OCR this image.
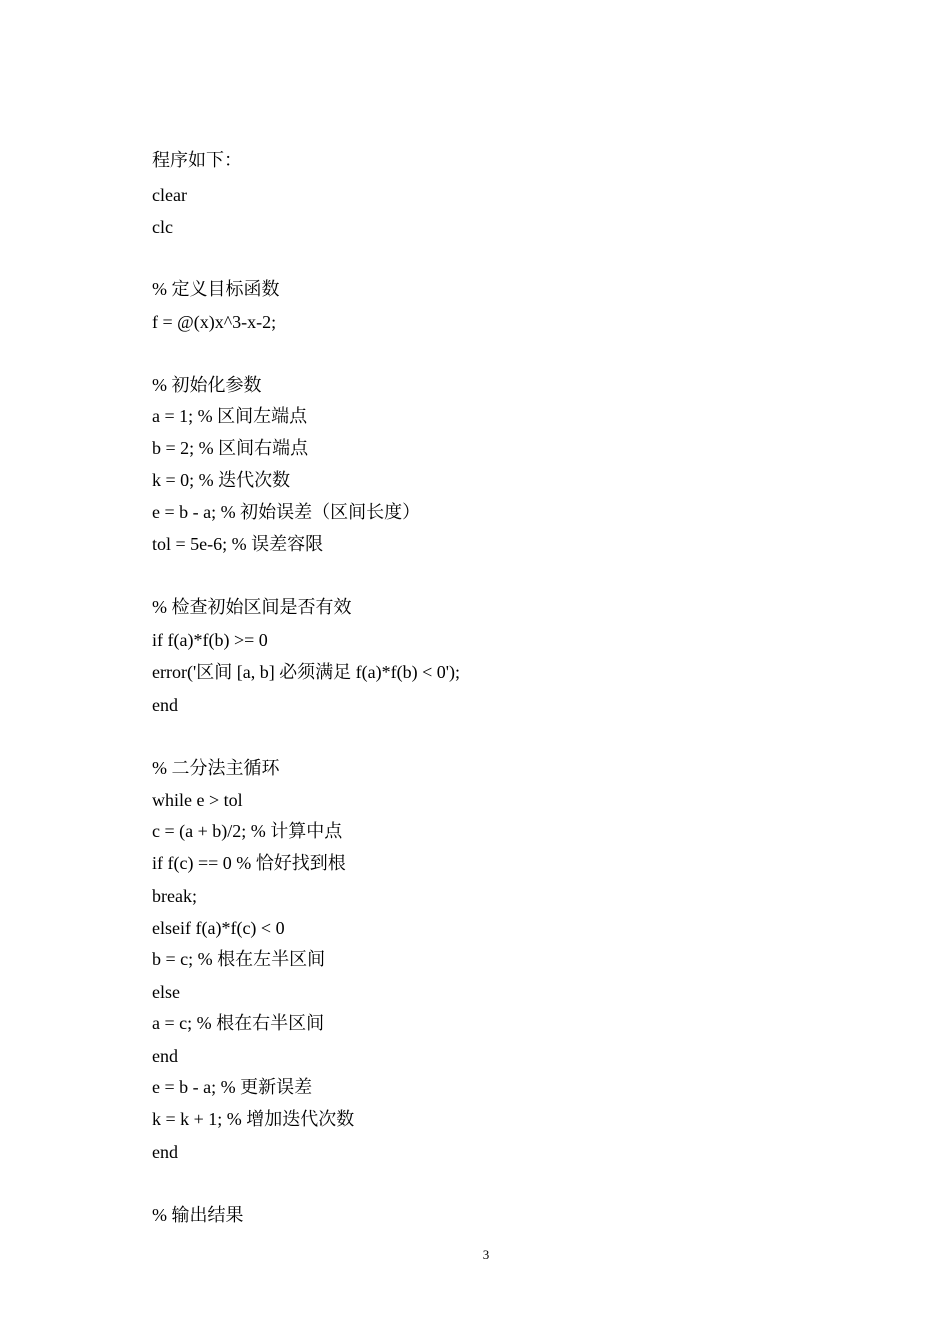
程序如下：
clear
clc
% 定义目标函数
f = @(x)x^3-x-2;
% 初始化参数
a = 1; % 区间左端点
b = 2; % 区间右端点
k = 0; % 迭代次数
e = b - a; % 初始误差（区间长度）
tol = 5e-6; % 误差容限
% 检查初始区间是否有效
if f(a)*f(b) >= 0
error('区间 [a, b] 必须满足 f(a)*f(b) < 0');
end
% 二分法主循环
while e > tol
c = (a + b)/2; % 计算中点
if f(c) == 0 % 恰好找到根
break;
elseif f(a)*f(c) < 0
b = c; % 根在左半区间
else
a = c; % 根在右半区间
end
e = b - a; % 更新误差
k = k + 1; % 增加迭代次数
end
% 输出结果
3
